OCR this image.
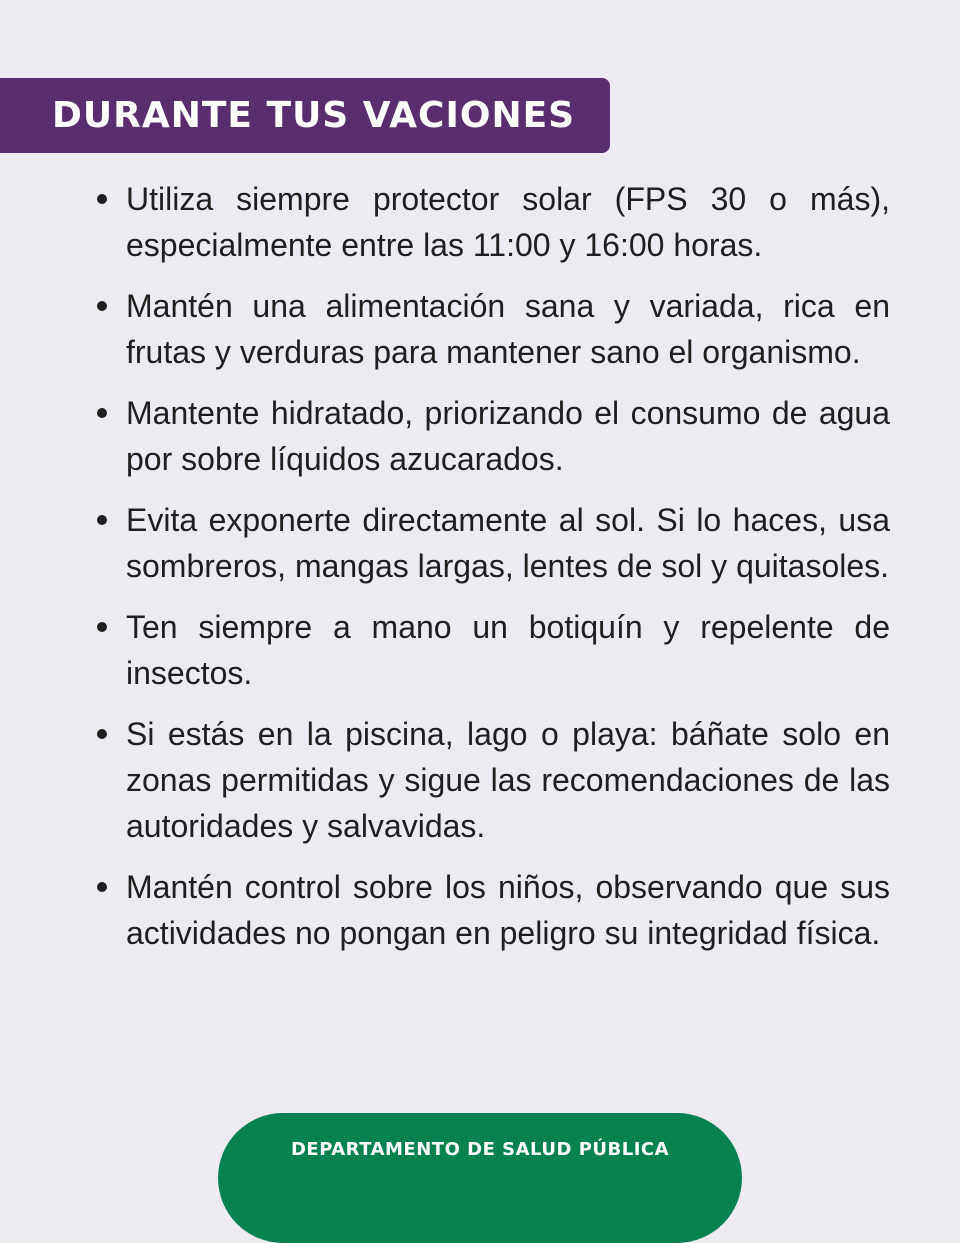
DURANTE TUS VACIONES
Utiliza siempre protector solar (FPS 30 o más), especialmente entre las 11:00 y 16:00 horas.
Mantén una alimentación sana y variada, rica en frutas y verduras para mantener sano el organismo.
Mantente hidratado, priorizando el consumo de agua por sobre líquidos azucarados.
Evita exponerte directamente al sol. Si lo haces, usa sombreros, mangas largas, lentes de sol y quitasoles.
Ten siempre a mano un botiquín y repelente de insectos.
Si estás en la piscina, lago o playa: báñate solo en zonas permitidas y sigue las recomendaciones de las autoridades y salvavidas.
Mantén control sobre los niños, observando que sus actividades no pongan en peligro su integridad física.
DEPARTAMENTO DE SALUD PÚBLICA
